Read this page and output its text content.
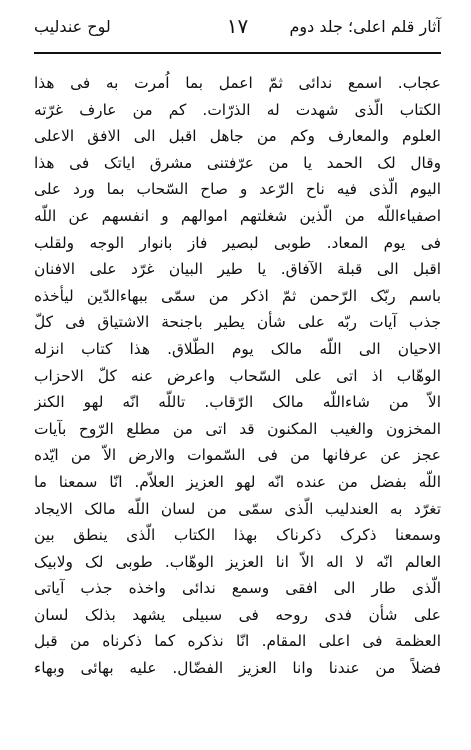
آثار قلم اعلی؛ جلد دوم
١٧
لوح عندلیب
عجاب. اسمع ندائی ثمّ اعمل بما اُمرت به فی هذا
الکتاب الّذی شهدت له الذرّات. کم من عارف غرّته
العلوم والمعارف وکم من جاهل اقبل الی الافق الاعلی
وقال لک الحمد یا من عرّفتنی مشرق ایاتک فی هذا
الیوم الّذی فیه ناح الرّعد و صاح السّحاب بما ورد علی
اصفیاءاللّه من الّذین شغلتهم اموالهم و انفسهم عن اللّه
فی یوم المعاد. طوبی لبصیر فاز بانوار الوجه ولقلب
اقبل الی قبلة الآفاق. یا طیر البیان غرّد علی الافنان
باسم ربّک الرّحمن ثمّ اذکر من سمّی ببهاءالدّین لیأخذه
جذب آیات ربّه علی شأن یطیر باجنحة الاشتیاق فی کلّ
الاحیان الی اللّه مالک یوم الطّلاق. هذا کتاب انزله
الوهّاب اذ اتی علی السّحاب واعرض عنه کلّ الاحزاب
الاّ من شاءاللّه مالک الرّقاب. تاللّه انّه لهو الکنز
المخزون والغیب المکنون قد اتی من مطلع الرّوح بآیات
عجز عن عرفانها من فی السّموات والارض الاّ من ایّده
اللّه بفضل من عنده انّه لهو العزیز العلاّم. انّا سمعنا ما
تغرّد به العندلیب الّذی سمّی من لسان اللّه مالک الایجاد
وسمعنا ذکرک ذکرناک بهذا الکتاب الّذی ینطق بین
العالم انّه لا اله الاّ انا العزیز الوهّاب. طوبی لک ولابیک
الّذی طار الی افقی وسمع ندائی واخذه جذب آیاتی
علی شأن فدی روحه فی سبیلی یشهد بذلک لسان
العظمة فی اعلی المقام. انّا نذکره کما ذکرناه من قبل
فضلاً من عندنا وانا العزیز الفضّال. علیه بهائی وبهاء
